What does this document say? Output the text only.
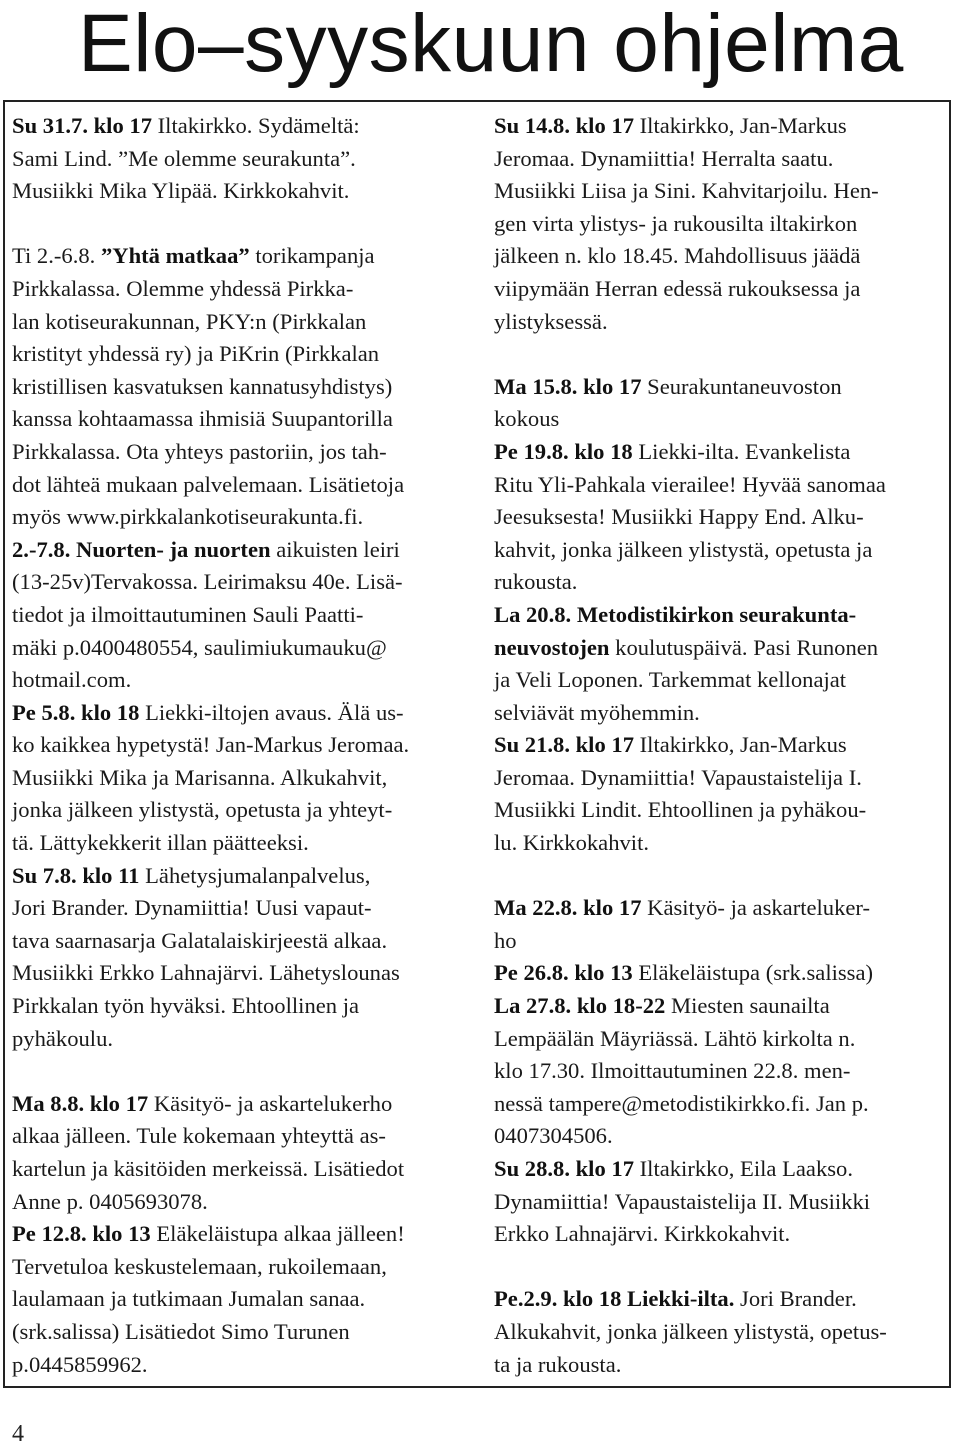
Elo–syyskuun ohjelma
Su 31.7. klo 17 Iltakirkko. Sydämeltä:
Sami Lind. ”Me olemme seurakunta”.
Musiikki Mika Ylipää. Kirkkokahvit.
Ti 2.-6.8. ”Yhtä matkaa” torikampanja
Pirkkalassa. Olemme yhdessä Pirkka-
lan kotiseurakunnan, PKY:n (Pirkkalan
kristityt yhdessä ry) ja PiKrin (Pirkkalan
kristillisen kasvatuksen kannatusyhdistys)
kanssa kohtaamassa ihmisiä Suupantorilla
Pirkkalassa. Ota yhteys pastoriin, jos tah-
dot lähteä mukaan palvelemaan. Lisätietoja
myös www.pirkkalankotiseurakunta.fi.
2.-7.8. Nuorten- ja nuorten aikuisten leiri
(13-25v)Tervakossa. Leirimaksu 40e. Lisä-
tiedot ja ilmoittautuminen Sauli Paatti-
mäki p.0400480554, saulimiukumauku@
hotmail.com.
Pe 5.8. klo 18 Liekki-iltojen avaus. Älä us-
ko kaikkea hypetystä! Jan-Markus Jeromaa.
Musiikki Mika ja Marisanna. Alkukahvit,
jonka jälkeen ylistystä, opetusta ja yhteyt-
tä. Lättykekkerit illan päätteeksi.
Su 7.8. klo 11 Lähetysjumalanpalvelus,
Jori Brander. Dynamiittia! Uusi vapaut-
tava saarnasarja Galatalaiskirjeestä alkaa.
Musiikki Erkko Lahnajärvi. Lähetyslounas
Pirkkalan työn hyväksi. Ehtoollinen ja
pyhäkoulu.
Ma 8.8. klo 17 Käsityö- ja askartelukerho
alkaa jälleen. Tule kokemaan yhteyttä as-
kartelun ja käsitöiden merkeissä. Lisätiedot
Anne p. 0405693078.
Pe 12.8. klo 13 Eläkeläistupa alkaa jälleen!
Tervetuloa keskustelemaan, rukoilemaan,
laulamaan ja tutkimaan Jumalan sanaa.
(srk.salissa) Lisätiedot Simo Turunen
p.0445859962.
Su 14.8. klo 17 Iltakirkko, Jan-Markus
Jeromaa. Dynamiittia! Herralta saatu.
Musiikki Liisa ja Sini. Kahvitarjoilu. Hen-
gen virta ylistys- ja rukousilta iltakirkon
jälkeen n. klo 18.45. Mahdollisuus jäädä
viipymään Herran edessä rukouksessa ja
ylistyksessä.
Ma 15.8. klo 17 Seurakuntaneuvoston
kokous
Pe 19.8. klo 18 Liekki-ilta. Evankelista
Ritu Yli-Pahkala vierailee! Hyvää sanomaa
Jeesuksesta! Musiikki Happy End. Alku-
kahvit, jonka jälkeen ylistystä, opetusta ja
rukousta.
La 20.8. Metodistikirkon seurakunta-
neuvostojen koulutuspäivä. Pasi Runonen
ja Veli Loponen. Tarkemmat kellonajat
selviävät myöhemmin.
Su 21.8. klo 17 Iltakirkko, Jan-Markus
Jeromaa. Dynamiittia! Vapaustaistelija I.
Musiikki Lindit. Ehtoollinen ja pyhäkou-
lu. Kirkkokahvit.
Ma 22.8. klo 17 Käsityö- ja askarteluker-
ho
Pe 26.8. klo 13 Eläkeläistupa (srk.salissa)
La 27.8. klo 18-22 Miesten saunailta
Lempäälän Mäyriässä. Lähtö kirkolta n.
klo 17.30. Ilmoittautuminen 22.8. men-
nessä tampere@metodistikirkko.fi. Jan p.
0407304506.
Su 28.8. klo 17 Iltakirkko, Eila Laakso.
Dynamiittia! Vapaustaistelija II. Musiikki
Erkko Lahnajärvi. Kirkkokahvit.
Pe.2.9. klo 18 Liekki-ilta. Jori Brander.
Alkukahvit, jonka jälkeen ylistystä, opetus-
ta ja rukousta.
4
